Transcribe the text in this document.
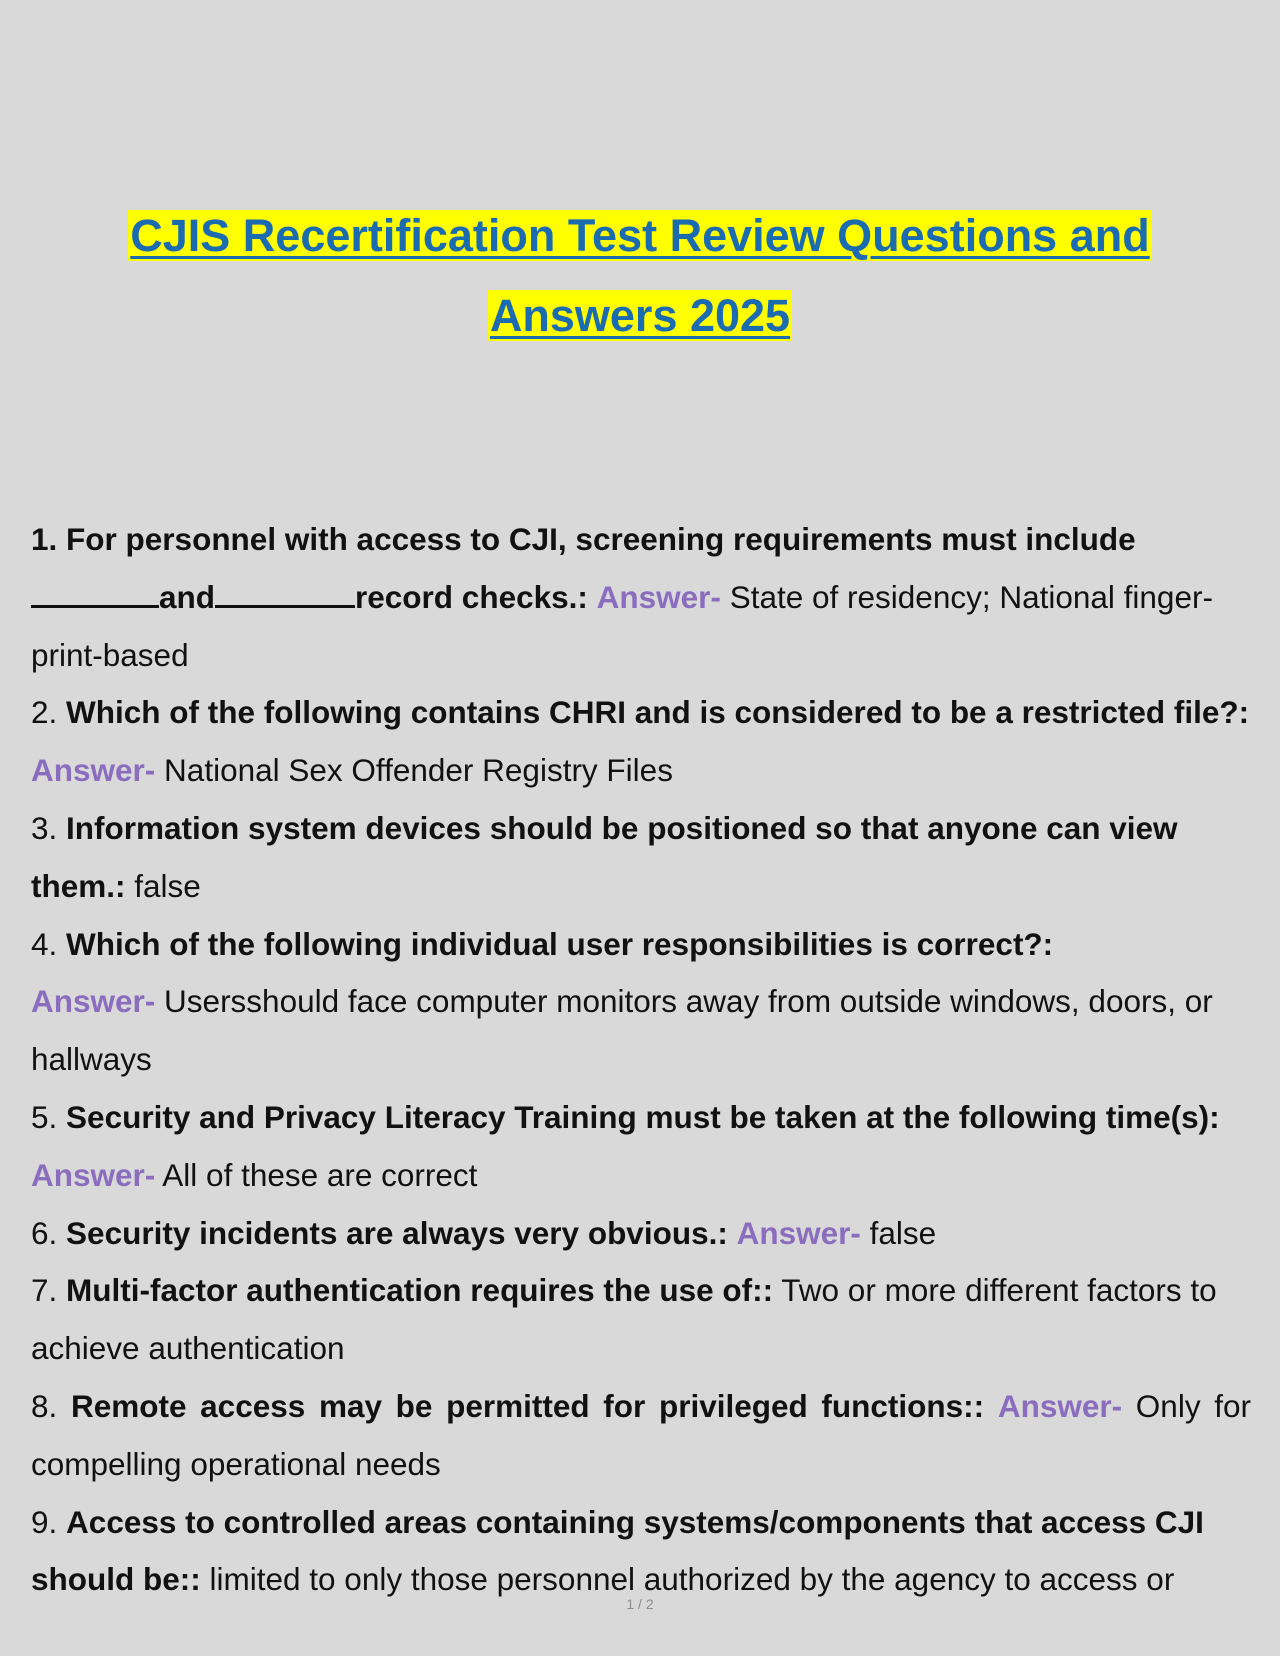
CJIS Recertification Test Review Questions and
Answers 2025
1. For personnel with access to CJI, screening requirements must include
and	record checks.: Answer- State of residency; National finger-print-based
2. Which of the following contains CHRI and is considered to be a restricted file?: Answer- National Sex Offender Registry Files
3. Information system devices should be positioned so that anyone can view them.: false
4. Which of the following individual user responsibilities is correct?:
Answer- Usersshould face computer monitors away from outside windows, doors, or hallways
5. Security and Privacy Literacy Training must be taken at the following time(s): Answer- All of these are correct
6. Security incidents are always very obvious.: Answer- false
7. Multi-factor authentication requires the use of:: Two or more different factors to achieve authentication
8. Remote access may be permitted for privileged functions:: Answer- Only for compelling operational needs
9. Access to controlled areas containing systems/components that access CJI should be:: limited to only those personnel authorized by the agency to access or
1 / 2
